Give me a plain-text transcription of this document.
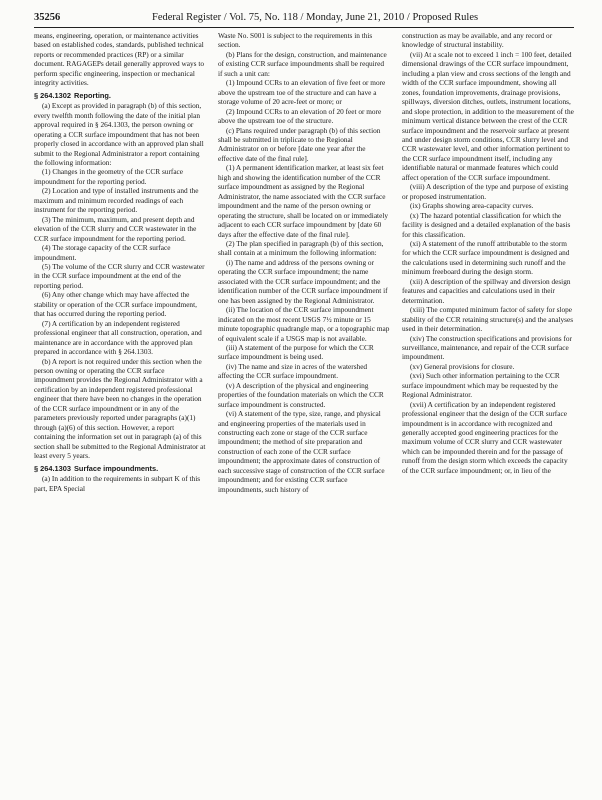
35256	Federal Register / Vol. 75, No. 118 / Monday, June 21, 2010 / Proposed Rules

means, engineering, operation, or maintenance activities based on established codes, standards, published technical reports or recommended practices (RP) or a similar document. RAGAGEPs detail generally approved ways to perform specific engineering, inspection or mechanical integrity activities.

§ 264.1302 Reporting.

(a) Except as provided in paragraph (b) of this section, every twelfth month following the date of the initial plan approval required in § 264.1303, the person owning or operating a CCR surface impoundment that has not been properly closed in accordance with an approved plan shall submit to the Regional Administrator a report containing the following information:

(1) Changes in the geometry of the CCR surface impoundment for the reporting period.

(2) Location and type of installed instruments and the maximum and minimum recorded readings of each instrument for the reporting period.

(3) The minimum, maximum, and present depth and elevation of the CCR slurry and CCR wastewater in the CCR surface impoundment for the reporting period.

(4) The storage capacity of the CCR surface impoundment.

(5) The volume of the CCR slurry and CCR wastewater in the CCR surface impoundment at the end of the reporting period.

(6) Any other change which may have affected the stability or operation of the CCR surface impoundment, that has occurred during the reporting period.

(7) A certification by an independent registered professional engineer that all construction, operation, and maintenance are in accordance with the approved plan prepared in accordance with § 264.1303.

(b) A report is not required under this section when the person owning or operating the CCR surface impoundment provides the Regional Administrator with a certification by an independent registered professional engineer that there have been no changes in the operation of the CCR surface impoundment or in any of the parameters previously reported under paragraphs (a)(1) through (a)(6) of this section. However, a report containing the information set out in paragraph (a) of this section shall be submitted to the Regional Administrator at least every 5 years.

§ 264.1303 Surface impoundments.

(a) In addition to the requirements in subpart K of this part, EPA Special

Waste No. S001 is subject to the requirements in this section.

(b) Plans for the design, construction, and maintenance of existing CCR surface impoundments shall be required if such a unit can:

(1) Impound CCRs to an elevation of five feet or more above the upstream toe of the structure and can have a storage volume of 20 acre-feet or more; or

(2) Impound CCRs to an elevation of 20 feet or more above the upstream toe of the structure.

(c) Plans required under paragraph (b) of this section shall be submitted in triplicate to the Regional Administrator on or before [date one year after the effective date of the final rule].

(1) A permanent identification marker, at least six feet high and showing the identification number of the CCR surface impoundment as assigned by the Regional Administrator, the name associated with the CCR surface impoundment and the name of the person owning or operating the structure, shall be located on or immediately adjacent to each CCR surface impoundment by [date 60 days after the effective date of the final rule].

(2) The plan specified in paragraph (b) of this section, shall contain at a minimum the following information:

(i) The name and address of the persons owning or operating the CCR surface impoundment; the name associated with the CCR surface impoundment; and the identification number of the CCR surface impoundment if one has been assigned by the Regional Administrator.

(ii) The location of the CCR surface impoundment indicated on the most recent USGS 7½ minute or 15 minute topographic quadrangle map, or a topographic map of equivalent scale if a USGS map is not available.

(iii) A statement of the purpose for which the CCR surface impoundment is being used.

(iv) The name and size in acres of the watershed affecting the CCR surface impoundment.

(v) A description of the physical and engineering properties of the foundation materials on which the CCR surface impoundment is constructed.

(vi) A statement of the type, size, range, and physical and engineering properties of the materials used in constructing each zone or stage of the CCR surface impoundment; the method of site preparation and construction of each zone of the CCR surface impoundment; the approximate dates of construction of each successive stage of construction of the CCR surface impoundment; and for existing CCR surface impoundments, such history of

construction as may be available, and any record or knowledge of structural instability.

(vii) At a scale not to exceed 1 inch = 100 feet, detailed dimensional drawings of the CCR surface impoundment, including a plan view and cross sections of the length and width of the CCR surface impoundment, showing all zones, foundation improvements, drainage provisions, spillways, diversion ditches, outlets, instrument locations, and slope protection, in addition to the measurement of the minimum vertical distance between the crest of the CCR surface impoundment and the reservoir surface at present and under design storm conditions, CCR slurry level and CCR wastewater level, and other information pertinent to the CCR surface impoundment itself, including any identifiable natural or manmade features which could affect operation of the CCR surface impoundment.

(viii) A description of the type and purpose of existing or proposed instrumentation.

(ix) Graphs showing area-capacity curves.

(x) The hazard potential classification for which the facility is designed and a detailed explanation of the basis for this classification.

(xi) A statement of the runoff attributable to the storm for which the CCR surface impoundment is designed and the calculations used in determining such runoff and the minimum freeboard during the design storm.

(xii) A description of the spillway and diversion design features and capacities and calculations used in their determination.

(xiii) The computed minimum factor of safety for slope stability of the CCR retaining structure(s) and the analyses used in their determination.

(xiv) The construction specifications and provisions for surveillance, maintenance, and repair of the CCR surface impoundment.

(xv) General provisions for closure.

(xvi) Such other information pertaining to the CCR surface impoundment which may be requested by the Regional Administrator.

(xvii) A certification by an independent registered professional engineer that the design of the CCR surface impoundment is in accordance with recognized and generally accepted good engineering practices for the maximum volume of CCR slurry and CCR wastewater which can be impounded therein and for the passage of runoff from the design storm which exceeds the capacity of the CCR surface impoundment; or, in lieu of the
